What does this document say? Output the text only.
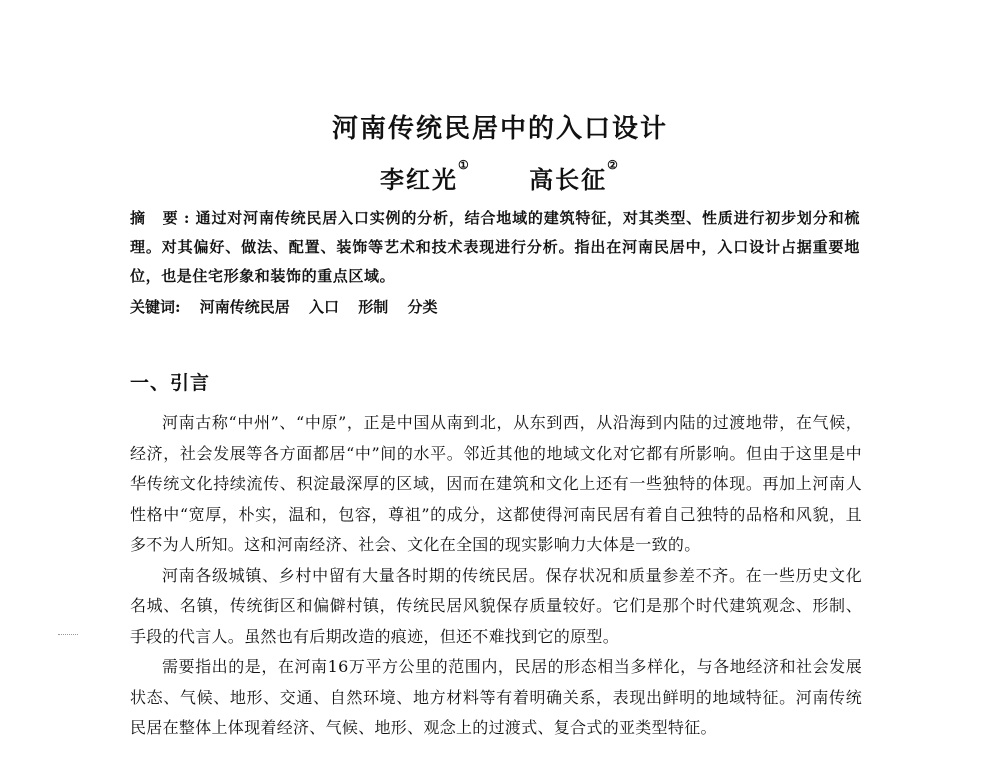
河南传统民居中的入口设计
李红光① 高长征②
摘 要:通过对河南传统民居入口实例的分析，结合地域的建筑特征，对其类型、性质进行初步划分和梳理。对其偏好、做法、配置、装饰等艺术和技术表现进行分析。指出在河南民居中，入口设计占据重要地位，也是住宅形象和装饰的重点区域。
关键词: 河南传统民居 入口 形制 分类
一、引言

河南古称“中州”、“中原”，正是中国从南到北，从东到西，从沿海到内陆的过渡地带，在气候，经济，社会发展等各方面都居“中”间的水平。邻近其他的地域文化对它都有所影响。但由于这里是中华传统文化持续流传、积淀最深厚的区域，因而在建筑和文化上还有一些独特的体现。再加上河南人性格中“宽厚，朴实，温和，包容，尊祖”的成分，这都使得河南民居有着自己独特的品格和风貌，且多不为人所知。这和河南经济、社会、文化在全国的现实影响力大体是一致的。

河南各级城镇、乡村中留有大量各时期的传统民居。保存状况和质量参差不齐。在一些历史文化名城、名镇，传统街区和偏僻村镇，传统民居风貌保存质量较好。它们是那个时代建筑观念、形制、手段的代言人。虽然也有后期改造的痕迹，但还不难找到它的原型。

需要指出的是，在河南16万平方公里的范围内，民居的形态相当多样化，与各地经济和社会发展状态、气候、地形、交通、自然环境、地方材料等有着明确关系，表现出鲜明的地域特征。河南传统民居在整体上体现着经济、气候、地形、观念上的过渡式、复合式的亚类型特征。
